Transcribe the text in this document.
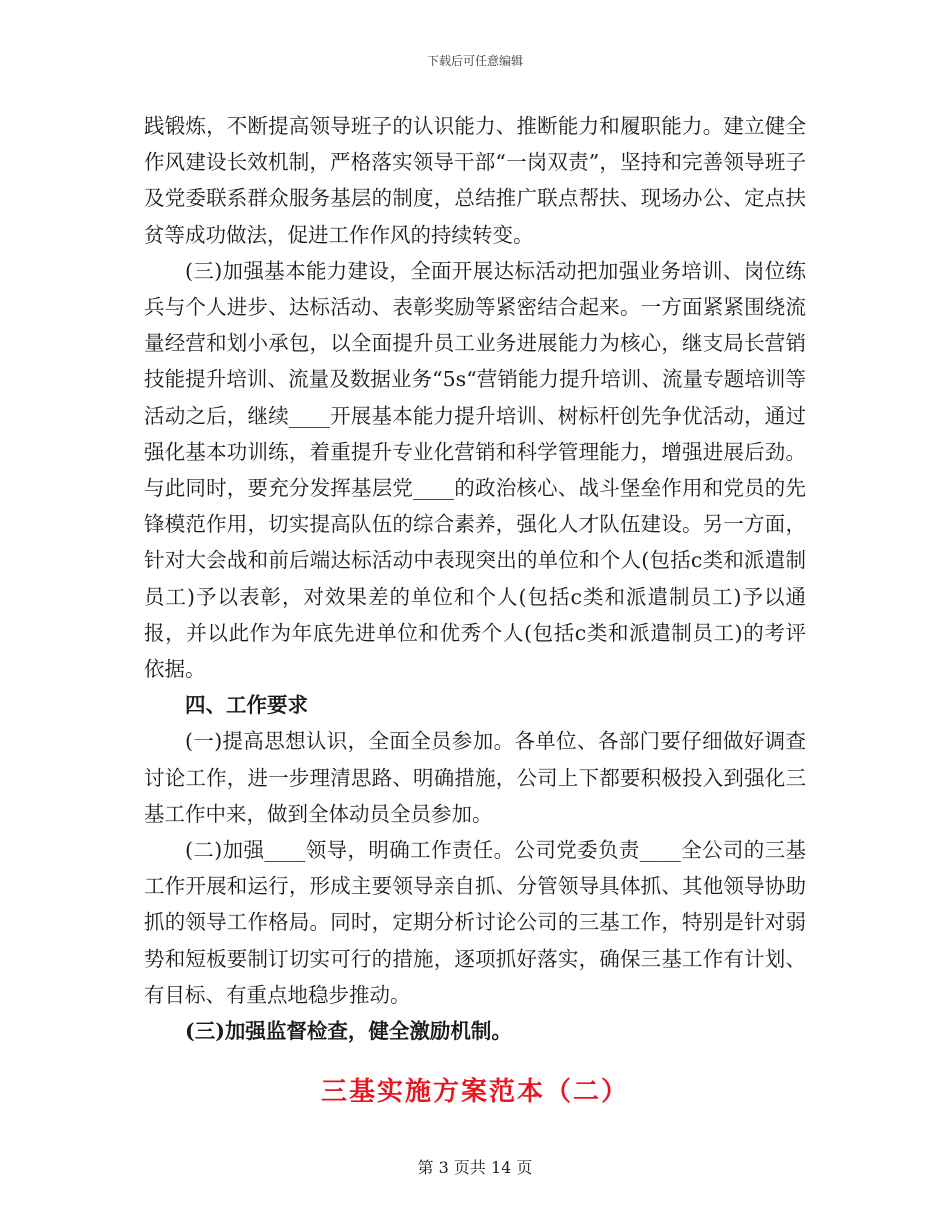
下载后可任意编辑

践锻炼，不断提高领导班子的认识能力、推断能力和履职能力。建立健全作风建设长效机制，严格落实领导干部“一岗双责”，坚持和完善领导班子及党委联系群众服务基层的制度，总结推广联点帮扶、现场办公、定点扶贫等成功做法，促进工作作风的持续转变。

(三)加强基本能力建设，全面开展达标活动把加强业务培训、岗位练兵与个人进步、达标活动、表彰奖励等紧密结合起来。一方面紧紧围绕流量经营和划小承包，以全面提升员工业务进展能力为核心，继支局长营销技能提升培训、流量及数据业务“5s“营销能力提升培训、流量专题培训等活动之后，继续____开展基本能力提升培训、树标杆创先争优活动，通过强化基本功训练，着重提升专业化营销和科学管理能力，增强进展后劲。与此同时，要充分发挥基层党____的政治核心、战斗堡垒作用和党员的先锋模范作用，切实提高队伍的综合素养，强化人才队伍建设。另一方面，针对大会战和前后端达标活动中表现突出的单位和个人(包括c类和派遣制员工)予以表彰，对效果差的单位和个人(包括c类和派遣制员工)予以通报，并以此作为年底先进单位和优秀个人(包括c类和派遣制员工)的考评依据。

四、工作要求

(一)提高思想认识，全面全员参加。各单位、各部门要仔细做好调查讨论工作，进一步理清思路、明确措施，公司上下都要积极投入到强化三基工作中来，做到全体动员全员参加。

(二)加强____领导，明确工作责任。公司党委负责____全公司的三基工作开展和运行，形成主要领导亲自抓、分管领导具体抓、其他领导协助抓的领导工作格局。同时，定期分析讨论公司的三基工作，特别是针对弱势和短板要制订切实可行的措施，逐项抓好落实，确保三基工作有计划、有目标、有重点地稳步推动。

(三)加强监督检查，健全激励机制。

三基实施方案范本（二）
第 3 页共 14 页
